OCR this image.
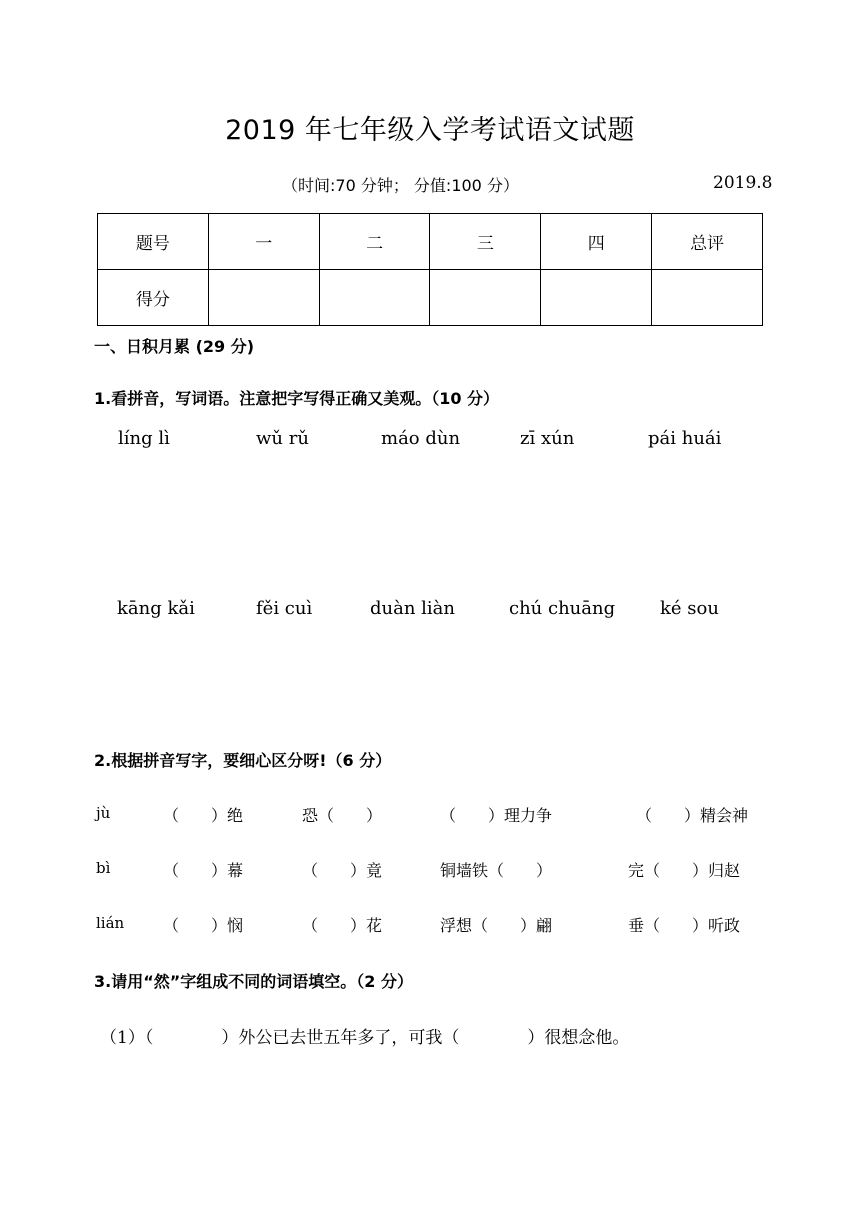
2019 年七年级入学考试语文试题
（时间:70 分钟； 分值:100 分）	2019.8
题号	一	二	三	四	总评
得分					
一、日积月累 (29 分)
1.看拼音，写词语。注意把字写得正确又美观。（10 分）
líng lì	wǔ rǔ	máo dùn	zī xún	pái huái
kāng kǎi	fěi cuì	duàn liàn	chú chuāng ké sou
2.根据拼音写字，要细心区分呀!（6 分）
jù	（　　）绝	恐（　　）	（　　）理力争	（　　）精会神
bì	（　　）幕	（　　）竟	铜墙铁（　　）	完（　　）归赵
lián （　　）悯	（　　）花	浮想（　　）翩	垂（　　）听政
3.请用“然”字组成不同的词语填空。（2 分）
（1）（　　　　）外公已去世五年多了，可我（　　　　）很想念他。
